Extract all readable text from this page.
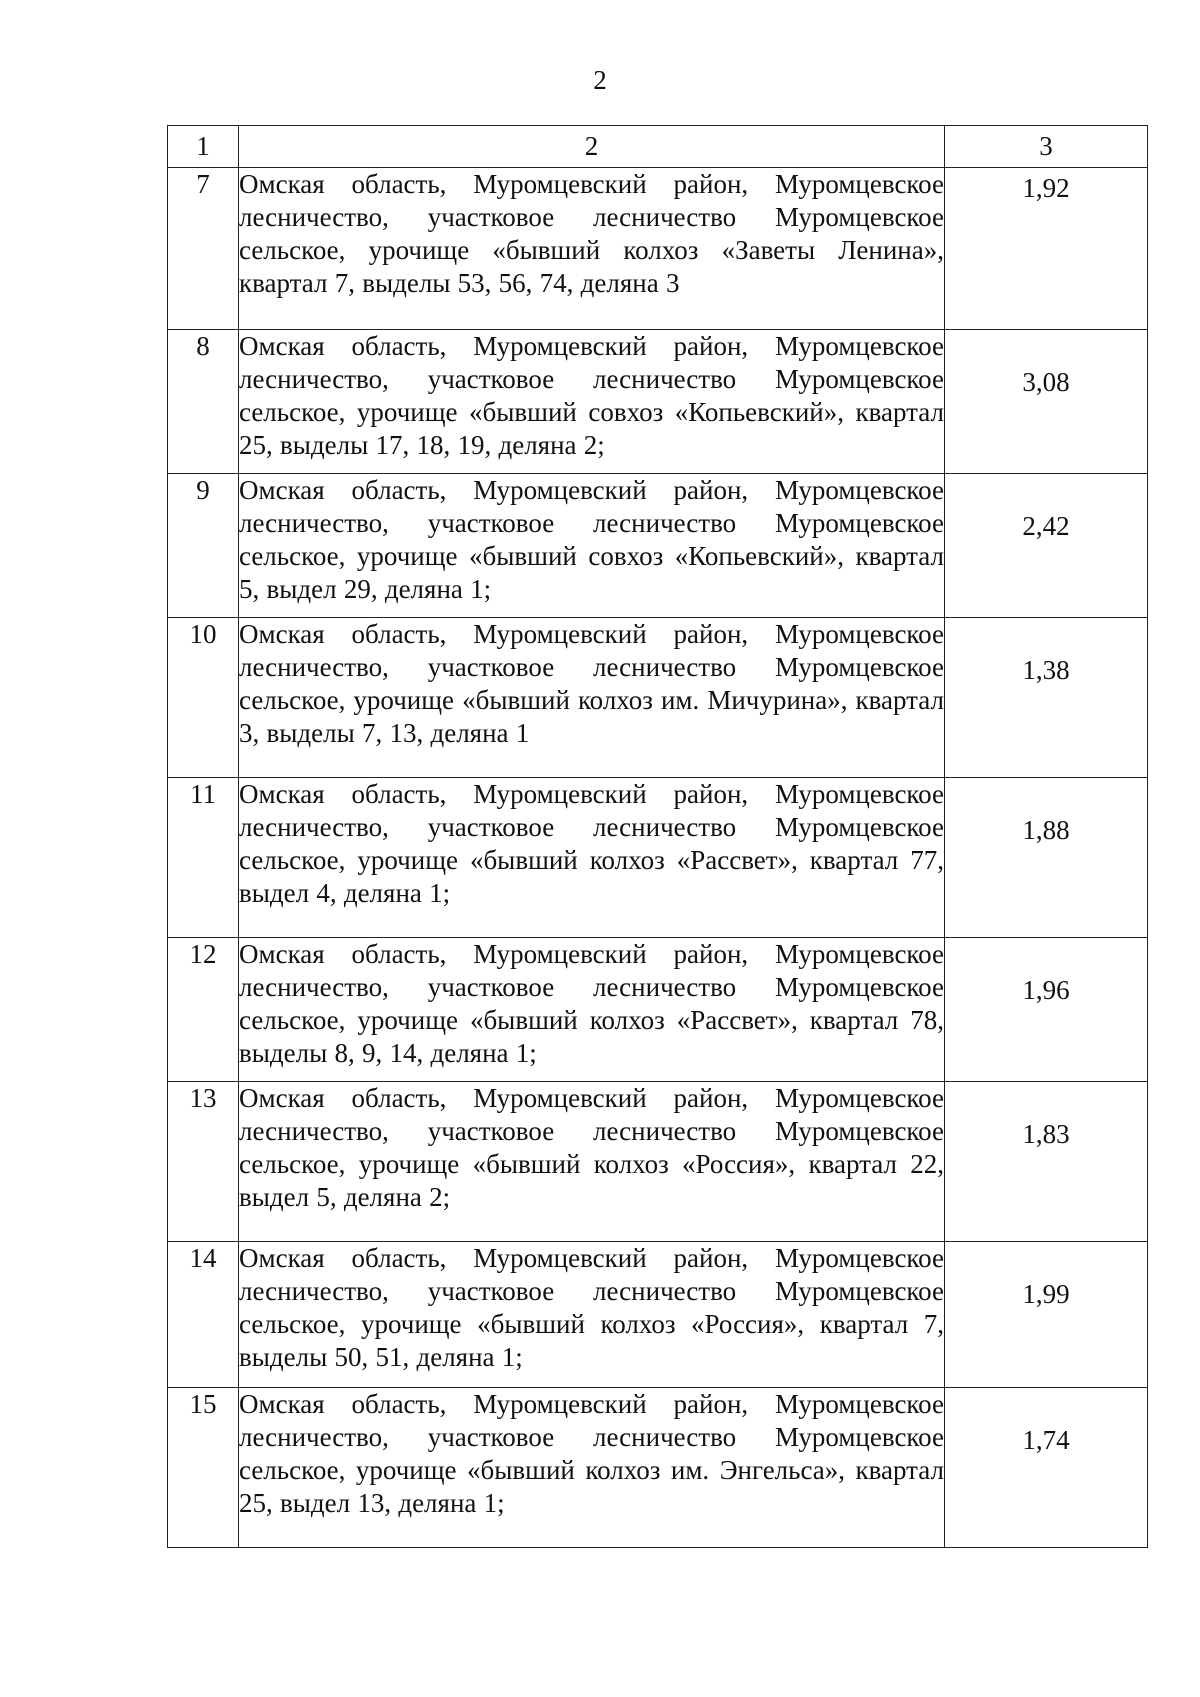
2
1	2	3
7	Омская область, Муромцевский район, Муромцевское лесничество, участковое лесничество Муромцевское сельское, урочище «бывший колхоз «Заветы Ленина», квартал 7, выделы 53, 56, 74, деляна 3	1,92
8	Омская область, Муромцевский район, Муромцевское лесничество, участковое лесничество Муромцевское сельское, урочище «бывший совхоз «Копьевский», квартал 25, выделы 17, 18, 19, деляна 2;	3,08
9	Омская область, Муромцевский район, Муромцевское лесничество, участковое лесничество Муромцевское сельское, урочище «бывший совхоз «Копьевский», квартал 5, выдел 29, деляна 1;	2,42
10	Омская область, Муромцевский район, Муромцевское лесничество, участковое лесничество Муромцевское сельское, урочище «бывший колхоз им. Мичурина», квартал 3, выделы 7, 13, деляна 1	1,38
11	Омская область, Муромцевский район, Муромцевское лесничество, участковое лесничество Муромцевское сельское, урочище «бывший колхоз «Рассвет», квартал 77, выдел 4, деляна 1;	1,88
12	Омская область, Муромцевский район, Муромцевское лесничество, участковое лесничество Муромцевское сельское, урочище «бывший колхоз «Рассвет», квартал 78, выделы 8, 9, 14, деляна 1;	1,96
13	Омская область, Муромцевский район, Муромцевское лесничество, участковое лесничество Муромцевское сельское, урочище «бывший колхоз «Россия», квартал 22, выдел 5, деляна 2;	1,83
14	Омская область, Муромцевский район, Муромцевское лесничество, участковое лесничество Муромцевское сельское, урочище «бывший колхоз «Россия», квартал 7, выделы 50, 51, деляна 1;	1,99
15	Омская область, Муромцевский район, Муромцевское лесничество, участковое лесничество Муромцевское сельское, урочище «бывший колхоз им. Энгельса», квартал 25, выдел 13, деляна 1;	1,74
